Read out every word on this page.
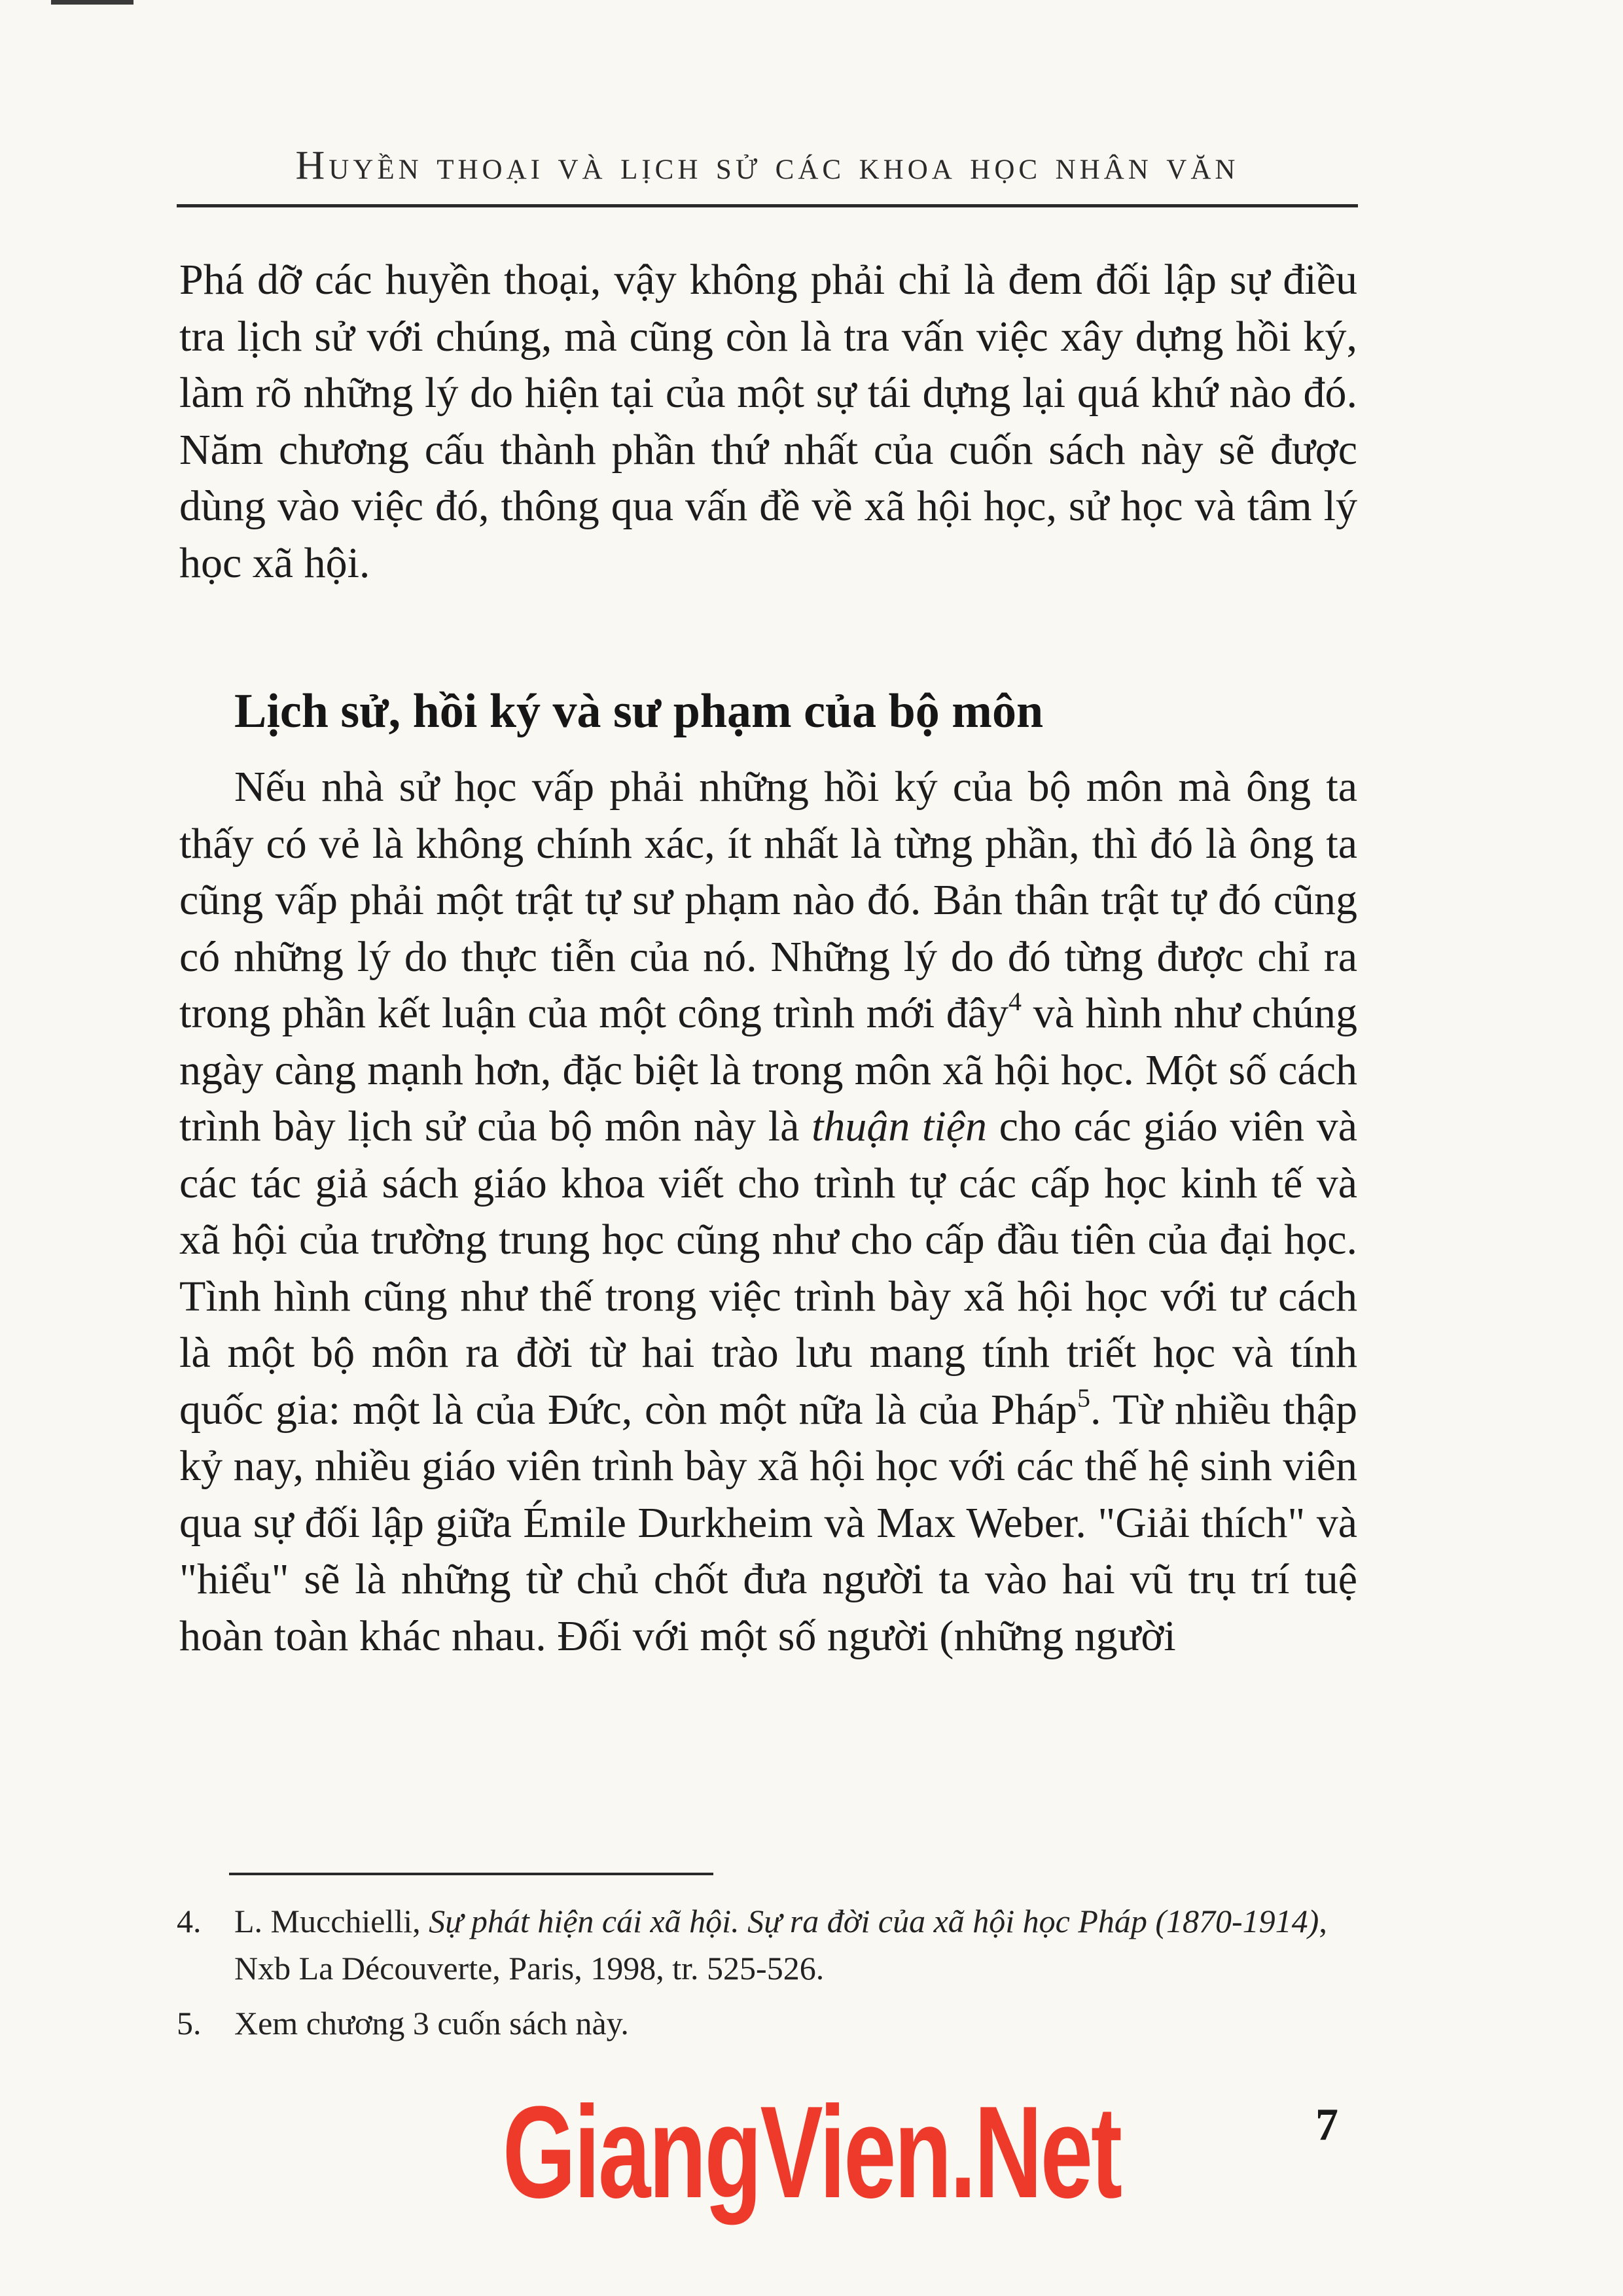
Huyền thoại và lịch sử các khoa học nhân văn
Phá dỡ các huyền thoại, vậy không phải chỉ là đem đối lập sự điều tra lịch sử với chúng, mà cũng còn là tra vấn việc xây dựng hồi ký, làm rõ những lý do hiện tại của một sự tái dựng lại quá khứ nào đó. Năm chương cấu thành phần thứ nhất của cuốn sách này sẽ được dùng vào việc đó, thông qua vấn đề về xã hội học, sử học và tâm lý học xã hội.
Lịch sử, hồi ký và sư phạm của bộ môn
Nếu nhà sử học vấp phải những hồi ký của bộ môn mà ông ta thấy có vẻ là không chính xác, ít nhất là từng phần, thì đó là ông ta cũng vấp phải một trật tự sư phạm nào đó. Bản thân trật tự đó cũng có những lý do thực tiễn của nó. Những lý do đó từng được chỉ ra trong phần kết luận của một công trình mới đây$^4$ và hình như chúng ngày càng mạnh hơn, đặc biệt là trong môn xã hội học. Một số cách trình bày lịch sử của bộ môn này là thuận tiện cho các giáo viên và các tác giả sách giáo khoa viết cho trình tự các cấp học kinh tế và xã hội của trường trung học cũng như cho cấp đầu tiên của đại học. Tình hình cũng như thế trong việc trình bày xã hội học với tư cách là một bộ môn ra đời từ hai trào lưu mang tính triết học và tính quốc gia: một là của Đức, còn một nữa là của Pháp$^5$. Từ nhiều thập kỷ nay, nhiều giáo viên trình bày xã hội học với các thế hệ sinh viên qua sự đối lập giữa Émile Durkheim và Max Weber. "Giải thích" và "hiểu" sẽ là những từ chủ chốt đưa người ta vào hai vũ trụ trí tuệ hoàn toàn khác nhau. Đối với một số người (những người
4.	L. Mucchielli, Sự phát hiện cái xã hội. Sự ra đời của xã hội học Pháp (1870-1914), Nxb La Découverte, Paris, 1998, tr. 525-526.
5.	Xem chương 3 cuốn sách này.
GiangVien.Net	7
